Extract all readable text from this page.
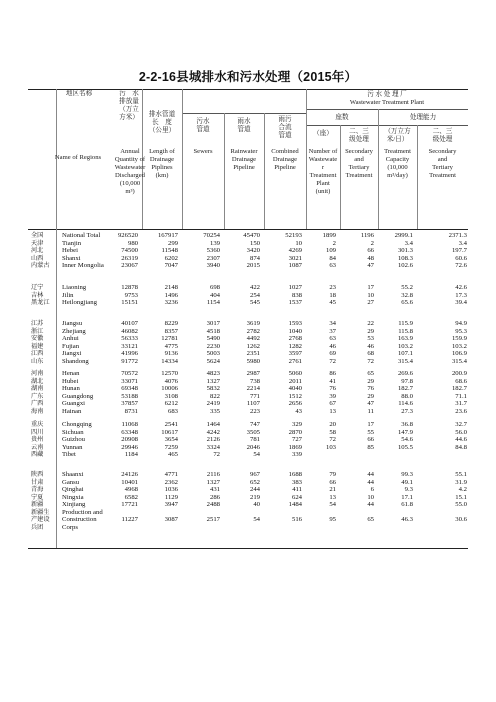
2-2-16县城排水和污水处理（2015年）
地区名称
Name of Regions
污　水
排放量
（万立
方米）
Annual
Quantity of
Wastewater
Discharged
(10,000
m³)
排水管道
长　度
（公里）
Length of
Drainage
Piplines
(km)
污水
管道
Sewers
雨水
管道
Rainwater
Drainage
Pipeline
雨污
合流
管道
Combined
Drainage
Pipeline
污 水 处 理 厂
Wastewater Treatment Plant
座数	处理能力
（座）	二、三
级处理
（万立方
米/日）
二、三
级处理
Number of
Wastewate
r
Treatment
Plant
(unit)
Secondary
and
Tertiary
Treatment
Treatment
Capacity
(10,000
m³/day)
Secondary
and
Tertiary
Treatment
全国
天津
河北
山西
内蒙古
National Total
Tianjin
Hebei
Shanxi
Inner Mongolia
926520
980
74500
26319
23067
167917
299
11548
6202
7047
70254
139
5360
2307
3940
45470
150
3420
874
2015
52193
10
4269
3021
1087
1899
2
109
84
63
1196
2
66
48
47
2999.1
3.4
301.3
108.3
102.6
2371.3
3.4
197.7
60.6
72.6
辽宁
吉林
黑龙江
Liaoning
Jilin
Heilongjiang
12878
9753
15151
2148
1496
3236
698
404
1154
422
254
545
1027
838
1537
23
18
45
17
10
27
55.2
32.8
65.6
42.6
17.3
39.4
江苏
浙江
安徽
福建
江西
山东
Jiangsu
Zhejiang
Anhui
Fujian
Jiangxi
Shandong
40107
46082
56333
33121
41996
91772
8229
8357
12781
4775
9136
14334
3017
4518
5490
2230
5003
5624
3619
2782
4492
1262
2351
5980
1593
1040
2768
1282
3597
2761
34
37
63
46
69
72
22
29
53
46
68
72
115.9
115.8
163.9
103.2
107.1
315.4
94.9
95.3
159.9
103.2
106.9
315.4
河南
湖北
湖南
广东
广西
海南
Henan
Hubei
Hunan
Guangdong
Guangxi
Hainan
70572
33071
69348
53188
37857
8731
12570
4076
10006
3108
6212
683
4823
1327
5832
822
2419
335
2987
738
2214
771
1107
223
5060
2011
4040
1512
2656
43
86
41
76
39
67
13
65
29
76
29
47
11
269.6
97.8
182.7
88.0
114.6
27.3
200.9
68.6
182.7
71.1
31.7
23.6
重庆
四川
贵州
云南
西藏
Chongqing
Sichuan
Guizhou
Yunnan
Tibet
11068
63348
20908
29946
1184
2541
10617
3654
7259
465
1464
4242
2126
3324
72
747
3505
781
2046
54
329
2870
727
1869
339
20
58
72
103
17
55
66
85
36.8
147.9
54.6
105.5
32.7
56.0
44.6
84.8
陕西
甘肃
青海
宁夏
新疆
新疆生
产建设
兵团
Shaanxi
Gansu
Qinghai
Ningxia
Xinjiang
Production and
Construction
Corps
24126
10401
4968
6582
17721

11227

4771
2362
1036
1129
3947

3087

2116
1327
431
286
2488

2517

967
652
244
219
40

54

1688
383
411
624
1484

516

79
66
21
13
54

95

44
44
6
10
44

65

99.3
49.1
9.3
17.1
61.8

46.3

55.1
31.9
4.2
15.1
55.0

30.6
